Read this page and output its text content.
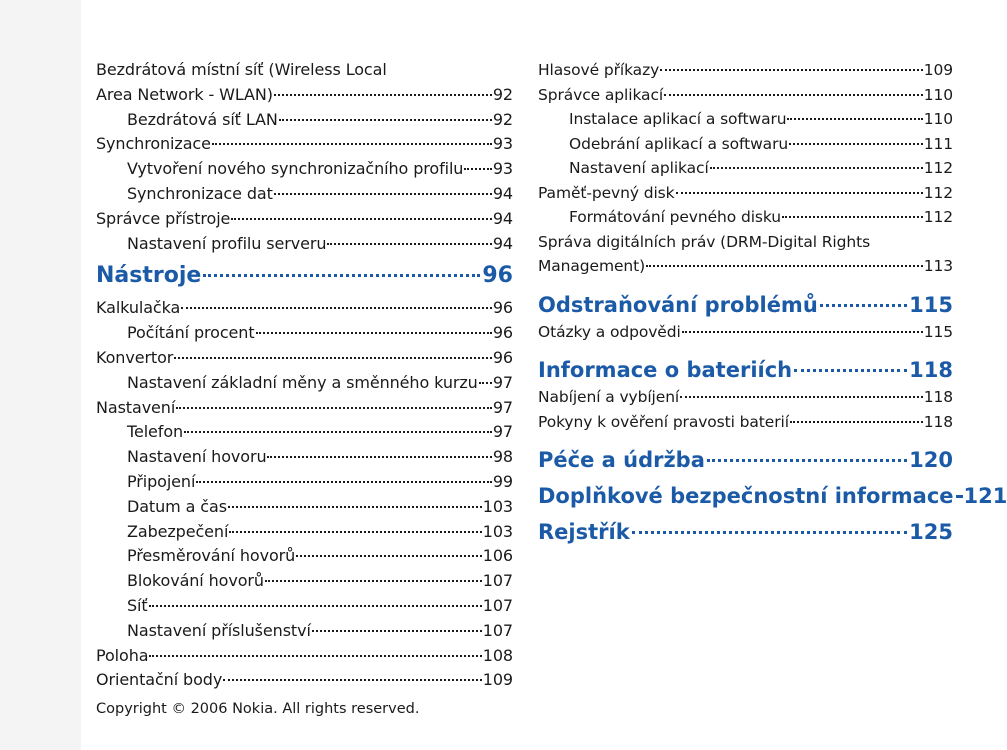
Bezdrátová místní síť (Wireless Local
Area Network - WLAN)	92
Bezdrátová síť LAN	92
Synchronizace	93
Vytvoření nového synchronizačního profilu 93
Synchronizace dat	94
Správce přístroje	94
Nastavení profilu serveru	94
Nástroje	96
Kalkulačka	96
Počítání procent	96
Konvertor	96
Nastavení základní měny a směnného kurzu 97
Nastavení	97
Telefon	97
Nastavení hovoru	98
Připojení	99
Datum a čas	103
Zabezpečení	103
Přesměrování hovorů	106
Blokování hovorů	107
Síť	107
Nastavení příslušenství	107
Poloha	108
Orientační body	109
Hlasové příkazy	109
Správce aplikací	110
Instalace aplikací a softwaru	110
Odebrání aplikací a softwaru	111
Nastavení aplikací	112
Paměť-pevný disk	112
Formátování pevného disku	112
Správa digitálních práv (DRM-Digital Rights
Management)	113
Odstraňování problémů	115
Otázky a odpovědi	115
Informace o bateriích	118
Nabíjení a vybíjení	118
Pokyny k ověření pravosti baterií	118
Péče a údržba	120
Doplňkové bezpečnostní informace 121
Rejstřík	125
Copyright © 2006 Nokia. All rights reserved.
